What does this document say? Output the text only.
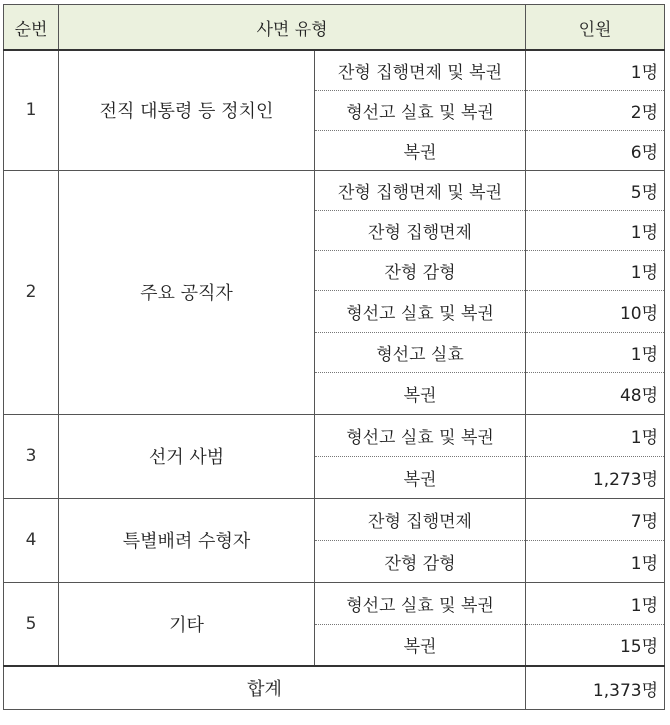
순번	사면 유형		인원
1	전직 대통령 등 정치인	잔형 집행면제 및 복권	1명
		형선고 실효 및 복권	2명
		복권	6명
2	주요 공직자	잔형 집행면제 및 복권	5명
		잔형 집행면제	1명
		잔형 감형	1명
		형선고 실효 및 복권	10명
		형선고 실효	1명
		복권	48명
3	선거 사범	형선고 실효 및 복권	1명
		복권	1,273명
4	특별배려 수형자	잔형 집행면제	7명
		잔형 감형	1명
5	기타	형선고 실효 및 복권	1명
		복권	15명
합계			1,373명
